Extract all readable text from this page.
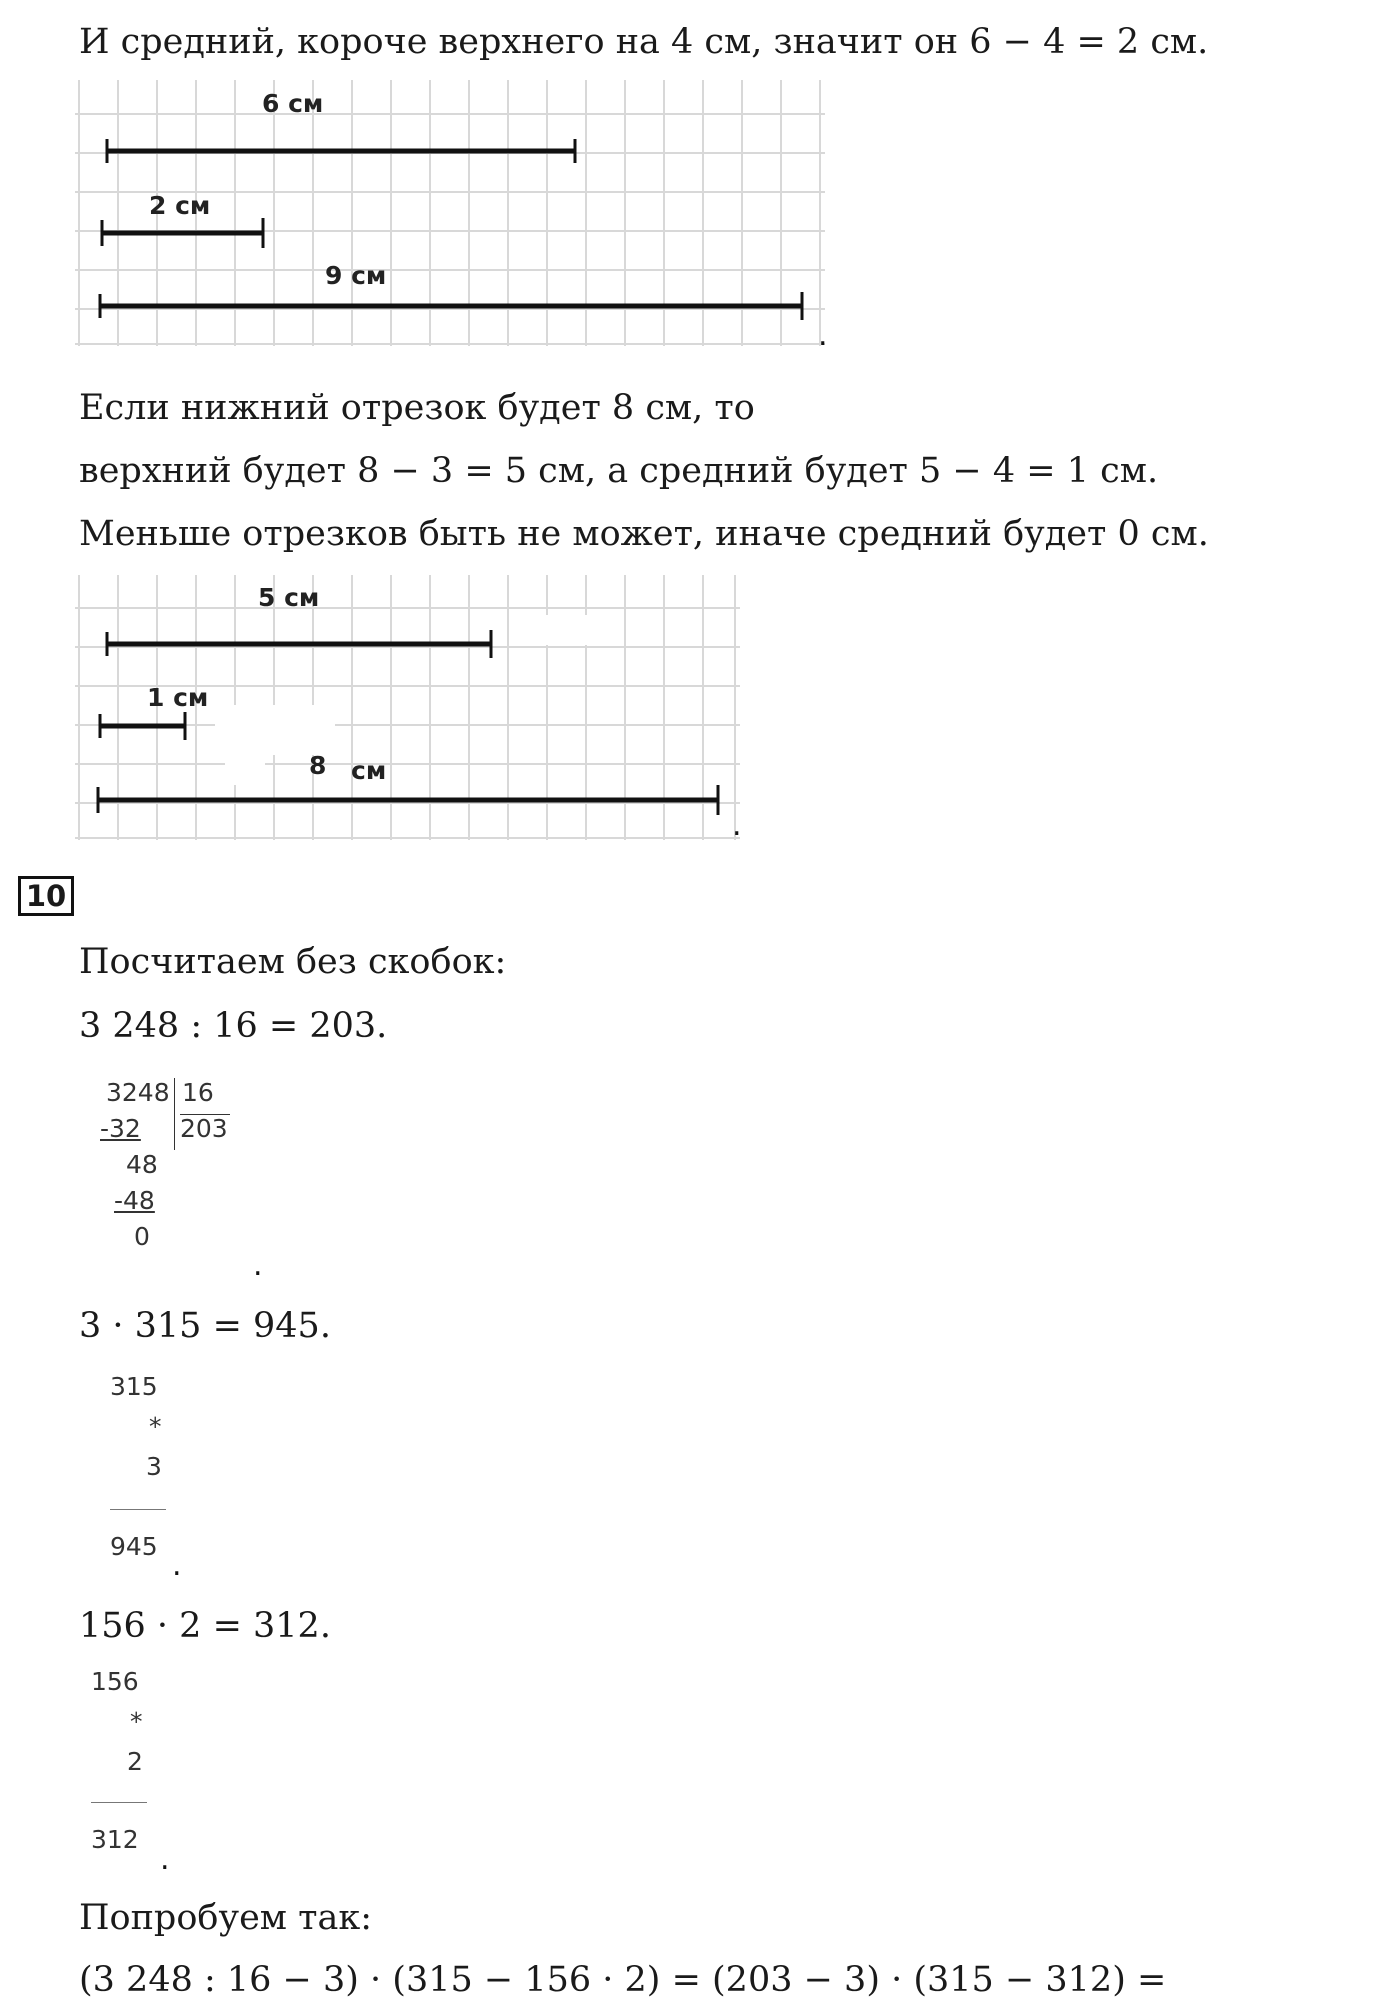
И средний, короче верхнего на 4 см, значит он 6 − 4 = 2 см.
6 см
2 см
9 см
.
Если нижний отрезок будет 8 см, то
верхний будет 8 − 3 = 5 см, а средний будет 5 − 4 = 1 см.
Меньше отрезков быть не может, иначе средний будет 0 см.
5 см
1 см
8 см
.
10
Посчитаем без скобок:
3 248 : 16 = 203.
3248 16
-32 203
48
-48
0
.
3 · 315 = 945.
315
*
3
945
.
156 · 2 = 312.
156
*
2
312
.
Попробуем так:
(3 248 : 16 − 3) · (315 − 156 · 2) = (203 − 3) · (315 − 312) =
